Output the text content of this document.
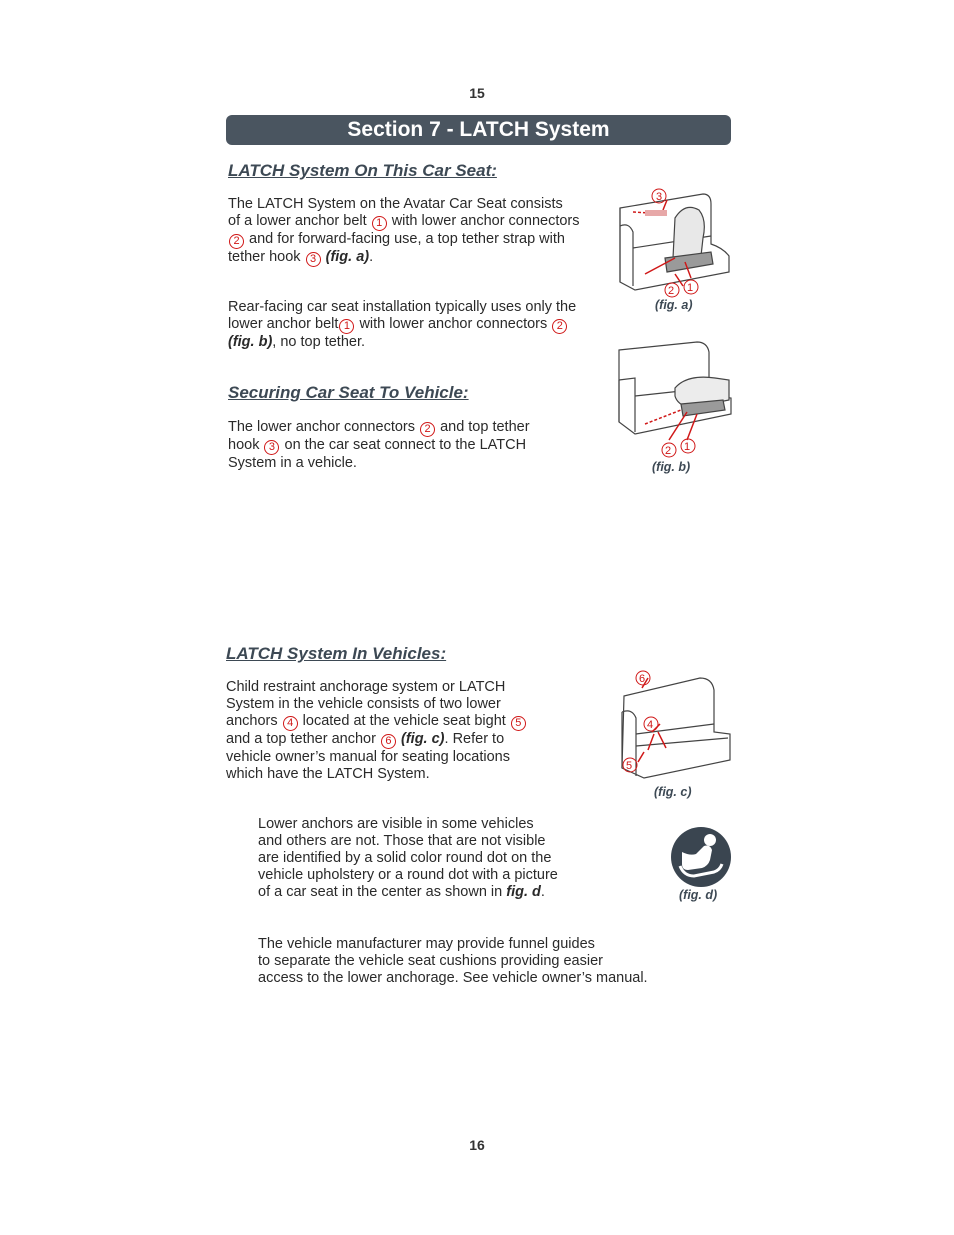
15
16
Section 7 - LATCH System
LATCH System On This Car Seat:

The LATCH System on the Avatar Car Seat consists

of a lower anchor belt 1 with lower anchor connectors

2 and for forward-facing use, a top tether strap with

tether hook 3 (fig. a).

Rear-facing car seat installation typically uses only the

lower anchor belt 1 with lower anchor connectors 2

(fig. b), no top tether.

Securing Car Seat To Vehicle:

The lower anchor connectors 2 and top tether

hook 3 on the car seat connect to the LATCH

System in a vehicle.

LATCH System In Vehicles:

Child restraint anchorage system or LATCH

System in the vehicle consists of two lower

anchors 4 located at the vehicle seat bight 5

and a top tether anchor 6 (fig. c). Refer to

vehicle owner’s manual for seating locations

which have the LATCH System.

Lower anchors are visible in some vehicles

and others are not. Those that are not visible

are identified by a solid color round dot on the

vehicle upholstery or a round dot with a picture

of a car seat in the center as shown in fig. d.

The vehicle manufacturer may provide funnel guides

to separate the vehicle seat cushions providing easier

access to the lower anchorage. See vehicle owner’s manual.

3
2 1
(fig. a)
2 1
(fig. b)
6
4
5
(fig. c)
(fig. d)
